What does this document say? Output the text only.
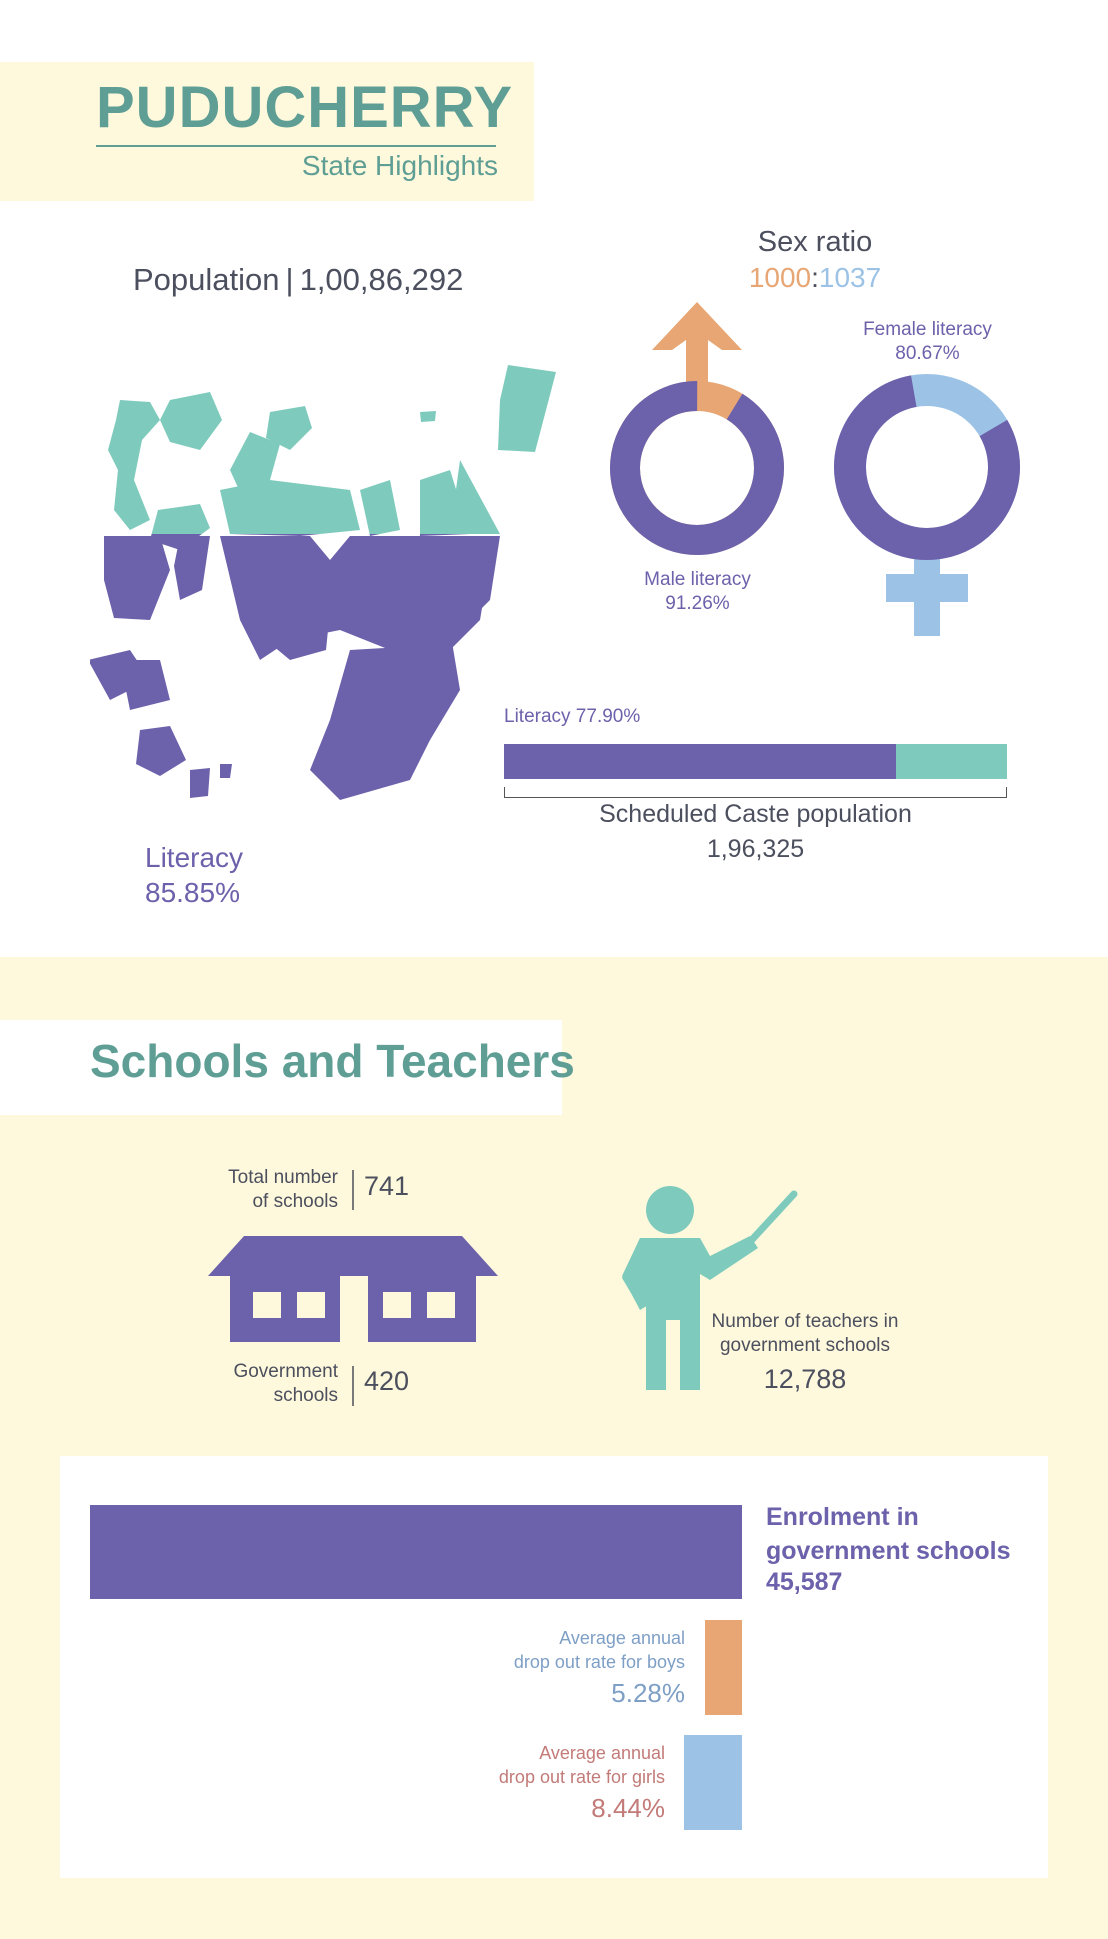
PUDUCHERRY
State Highlights
Population | 1,00,86,292
Literacy
85.85%
Sex ratio
1000:1037
Male literacy
91.26%
Female literacy
80.67%
Literacy 77.90%
Scheduled Caste population
1,96,325
Schools and Teachers
Total number
of schools
741
Government
schools 420
Number of teachers in
government schools
12,788
Enrolment in
government schools
45,587
Average annual
drop out rate for boys
5.28%
Average annual
drop out rate for girls
8.44%
